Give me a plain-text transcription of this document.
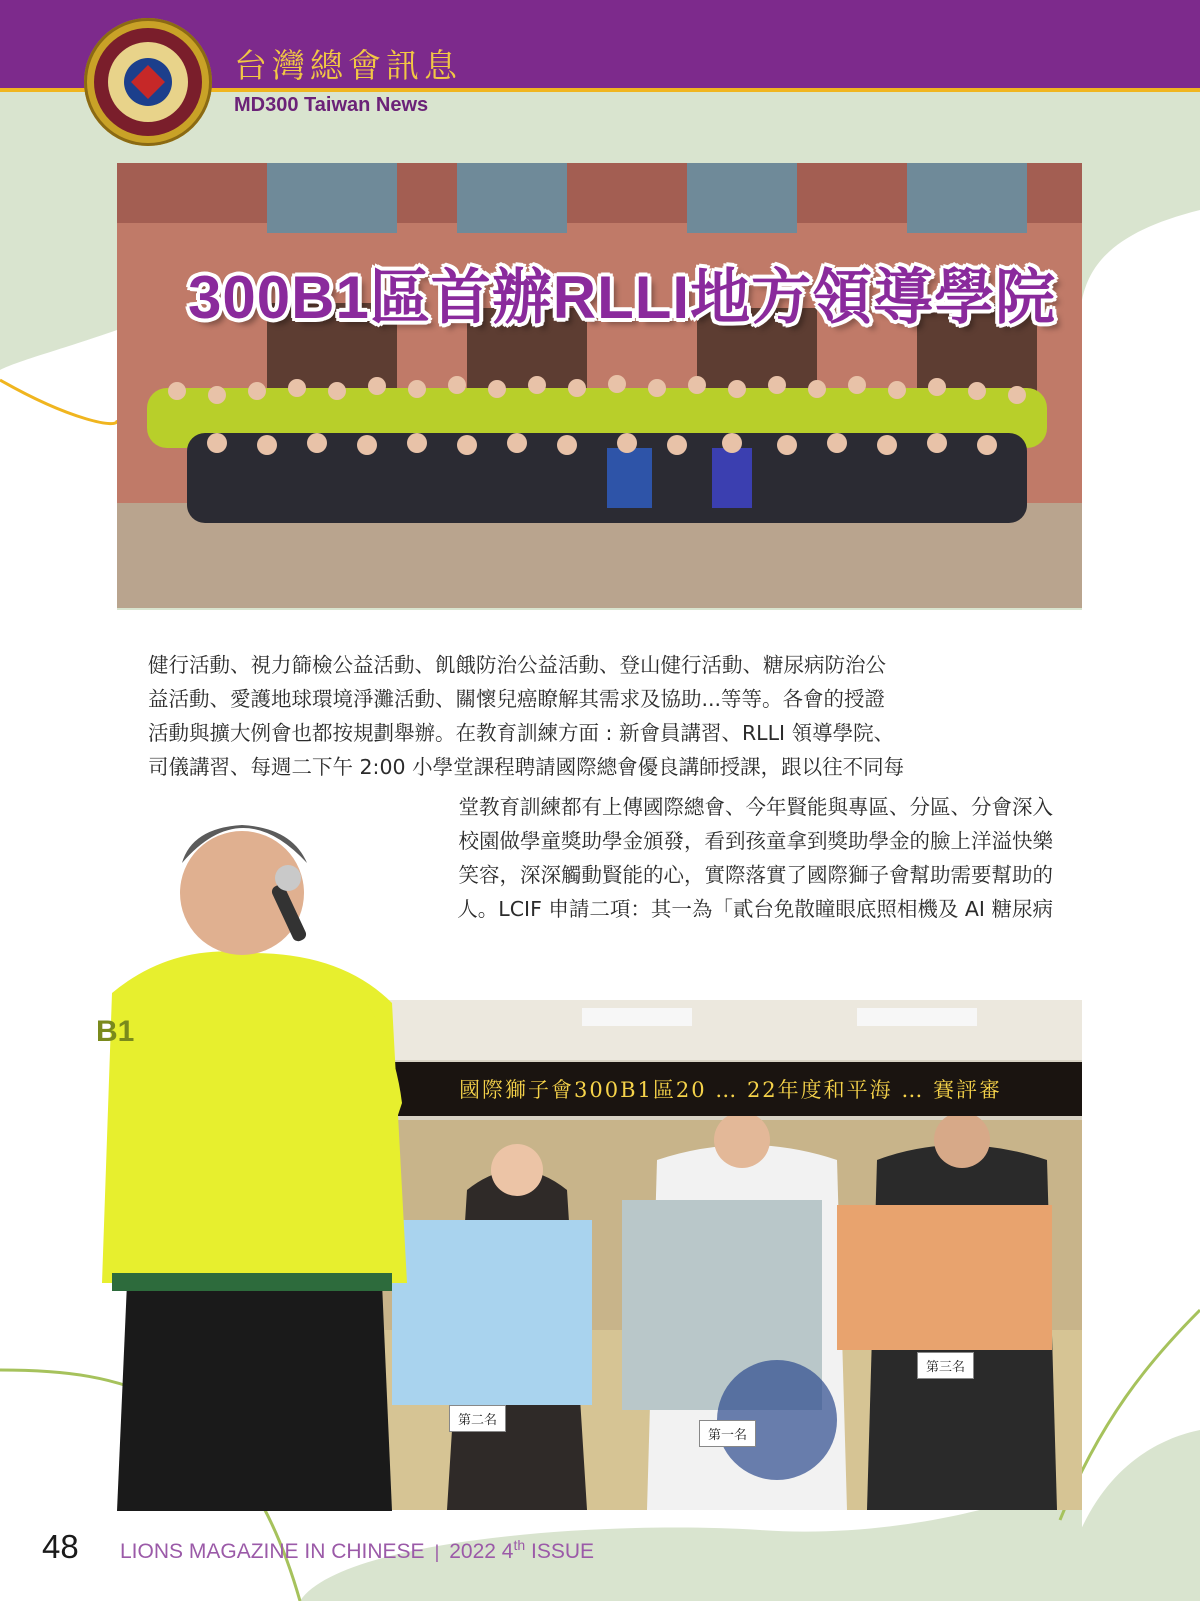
台灣總會訊息
MD300 Taiwan News
300B1區首辦RLLI地方領導學院

健行活動、視力篩檢公益活動、飢餓防治公益活動、登山健行活動、糖尿病防治公

益活動、愛護地球環境淨灘活動、關懷兒癌瞭解其需求及協助...等等。各會的授證

活動與擴大例會也都按規劃舉辦。在教育訓練方面 : 新會員講習、RLLI 領導學院、

司儀講習、每週二下午 2:00 小學堂課程聘請國際總會優良講師授課，跟以往不同每

堂教育訓練都有上傳國際總會、今年賢能與專區、分區、分會深入

校園做學童獎助學金頒發，看到孩童拿到獎助學金的臉上洋溢快樂

笑容，深深觸動賢能的心，實際落實了國際獅子會幫助需要幫助的

人。LCIF 申請二項：其一為「貳台免散瞳眼底照相機及 AI 糖尿病

國際獅子會300B1區20 … 22年度和平海 … 賽評審
第二名
第一名
第三名
B1
48	LIONS MAGAZINE IN CHINESE | 2022 4th ISSUE
